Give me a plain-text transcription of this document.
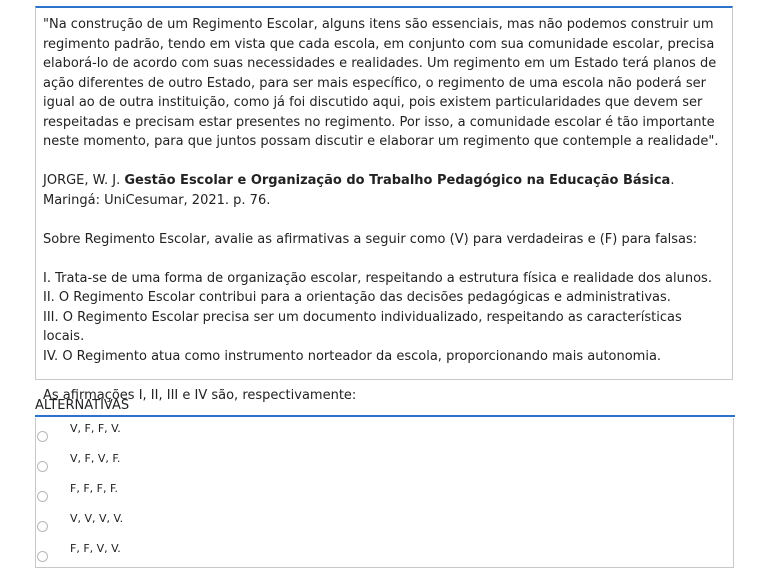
"Na construção de um Regimento Escolar, alguns itens são essenciais, mas não podemos construir um regimento padrão, tendo em vista que cada escola, em conjunto com sua comunidade escolar, precisa elaborá-lo de acordo com suas necessidades e realidades. Um regimento em um Estado terá planos de ação diferentes de outro Estado, para ser mais específico, o regimento de uma escola não poderá ser igual ao de outra instituição, como já foi discutido aqui, pois existem particularidades que devem ser respeitadas e precisam estar presentes no regimento. Por isso, a comunidade escolar é tão importante neste momento, para que juntos possam discutir e elaborar um regimento que contemple a realidade".

JORGE, W. J. Gestão Escolar e Organização do Trabalho Pedagógico na Educação Básica. Maringá: UniCesumar, 2021. p. 76.

Sobre Regimento Escolar, avalie as afirmativas a seguir como (V) para verdadeiras e (F) para falsas:

I. Trata-se de uma forma de organização escolar, respeitando a estrutura física e realidade dos alunos.

II. O Regimento Escolar contribui para a orientação das decisões pedagógicas e administrativas.

III. O Regimento Escolar precisa ser um documento individualizado, respeitando as características locais.

IV. O Regimento atua como instrumento norteador da escola, proporcionando mais autonomia.

As afirmações I, II, III e IV são, respectivamente:

ALTERNATIVAS
V, F, F, V.
V, F, V, F.
F, F, F, F.
V, V, V, V.
F, F, V, V.
